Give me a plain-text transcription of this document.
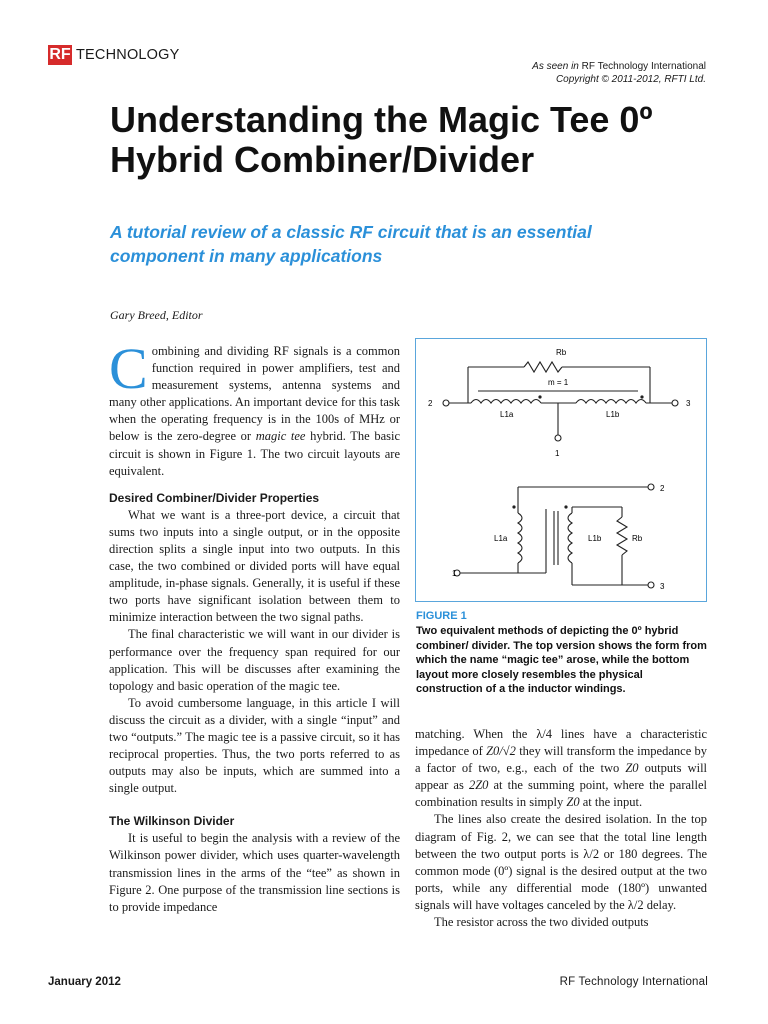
RF TECHNOLOGY
As seen in RF Technology International
Copyright © 2011-2012, RFTI Ltd.
Understanding the Magic Tee 0º Hybrid Combiner/Divider
A tutorial review of a classic RF circuit that is an essential component in many applications
Gary Breed, Editor

Combining and dividing RF signals is a common function required in power amplifiers, test and measurement systems, antenna systems and many other applications. An important device for this task when the operating frequency is in the 100s of MHz or below is the zero-degree or magic tee hybrid. The basic circuit is shown in Figure 1. The two circuit layouts are equivalent.

Desired Combiner/Divider Properties

What we want is a three-port device, a circuit that sums two inputs into a single output, or in the opposite direction splits a single input into two outputs. In this case, the two combined or divided ports will have equal amplitude, in-phase signals. Generally, it is useful if these two ports have significant isolation between them to minimize interaction between the two signal paths.

The final characteristic we will want in our divider is performance over the frequency span required for our application. This will be discusses after examining the topology and basic operation of the magic tee.

To avoid cumbersome language, in this article I will discuss the circuit as a divider, with a single “input” and two “outputs.” The magic tee is a passive circuit, so it has reciprocal properties. Thus, the two ports referred to as outputs may also be inputs, which are summed into a single output.

The Wilkinson Divider

It is useful to begin the analysis with a review of the Wilkinson power divider, which uses quarter-wavelength transmission lines in the arms of the “tee” as shown in Figure 2. One purpose of the transmission line sections is to provide impedance

Rb
m = 1
2	3
L1a	L1b
1
2
L1a	L1b	Rb
1
3
FIGURE 1
Two equivalent methods of depicting the 0º hybrid combiner/ divider. The top version shows the form from which the name “magic tee” arose, while the bottom layout more closely resembles the physical construction of a the inductor windings.

matching. When the λ/4 lines have a characteristic impedance of Z0/√2 they will transform the impedance by a factor of two, e.g., each of the two Z0 outputs will appear as 2Z0 at the summing point, where the parallel combination results in simply Z0 at the input.

The lines also create the desired isolation. In the top diagram of Fig. 2, we can see that the total line length between the two output ports is λ/2 or 180 degrees. The common mode (0º) signal is the desired output at the two ports, while any differential mode (180º) unwanted signals will have voltages canceled by the λ/2 delay.

The resistor across the two divided outputs

January 2012	RF Technology International
